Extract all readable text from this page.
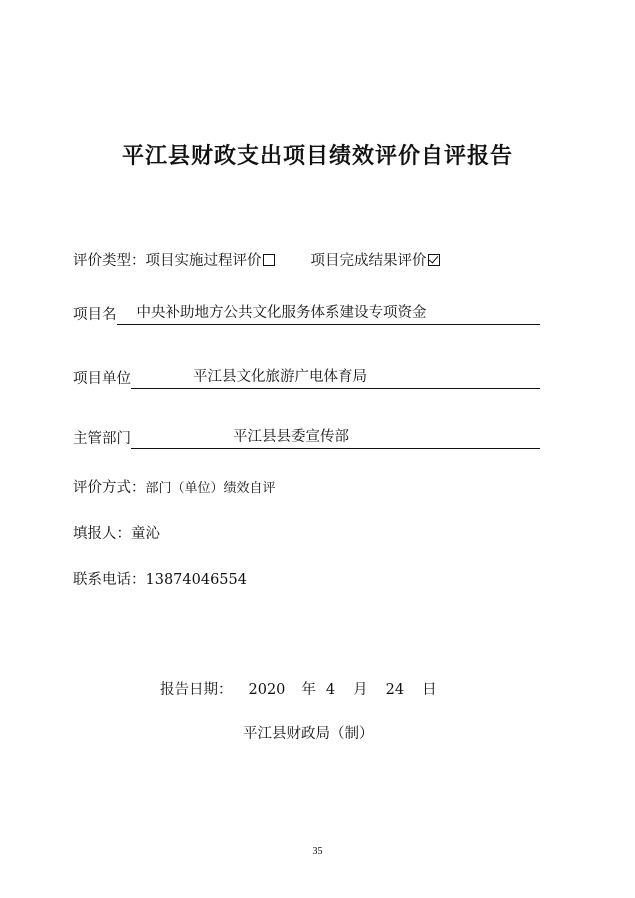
平江县财政支出项目绩效评价自评报告
评价类型：项目实施过程评价	项目完成结果评价
项目名 中央补助地方公共文化服务体系建设专项资金
项目单位	平江县文化旅游广电体育局
主管部门	平江县县委宣传部
评价方式：部门（单位）绩效自评
填报人：童沁
联系电话：13874046554
报告日期： 2020 年 4 月 24 日
平江县财政局（制）
35
